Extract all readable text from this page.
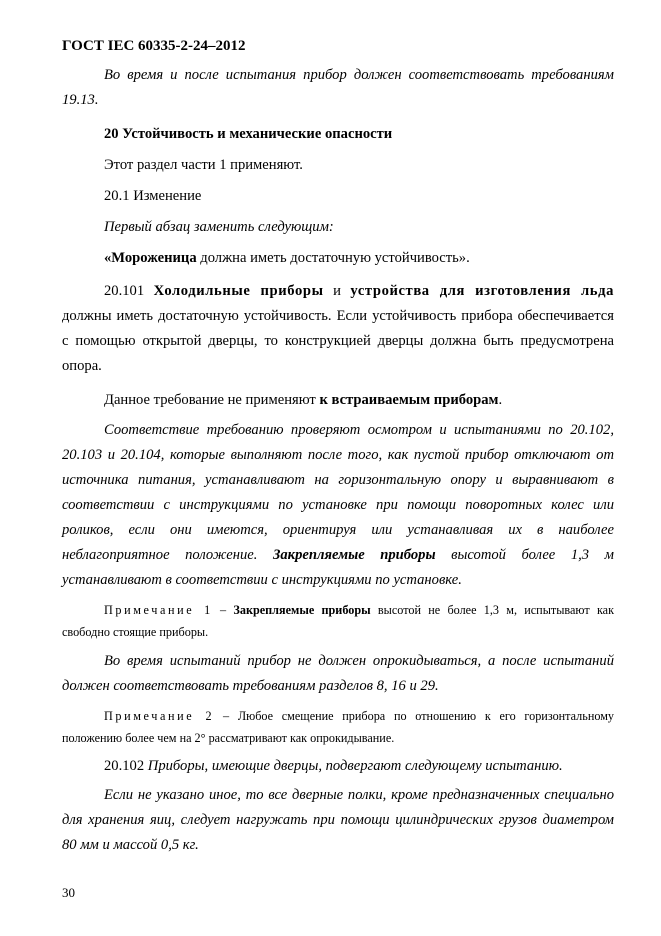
ГОСТ IEC 60335-2-24–2012

Во время и после испытания прибор должен соответствовать требованиям 19.13.

20 Устойчивость и механические опасности

Этот раздел части 1 применяют.

20.1 Изменение

Первый абзац заменить следующим:

«Мороженица должна иметь достаточную устойчивость».

20.101 Холодильные приборы и устройства для изготовления льда должны иметь достаточную устойчивость. Если устойчивость прибора обеспечивается с помощью открытой дверцы, то конструкцией дверцы должна быть предусмотрена опора.

Данное требование не применяют к встраиваемым приборам.

Соответствие требованию проверяют осмотром и испытаниями по 20.102, 20.103 и 20.104, которые выполняют после того, как пустой прибор отключают от источника питания, устанавливают на горизонтальную опору и выравнивают в соответствии с инструкциями по установке при помощи поворотных колес или роликов, если они имеются, ориентируя или устанавливая их в наиболее неблагоприятное положение. Закрепляемые приборы высотой более 1,3 м устанавливают в соответствии с инструкциями по установке.

Примечание 1 – Закрепляемые приборы высотой не более 1,3 м, испытывают как свободно стоящие приборы.

Во время испытаний прибор не должен опрокидываться, а после испытаний должен соответствовать требованиям разделов 8, 16 и 29.

Примечание 2 – Любое смещение прибора по отношению к его горизонтальному положению более чем на 2° рассматривают как опрокидывание.

20.102 Приборы, имеющие дверцы, подвергают следующему испытанию.

Если не указано иное, то все дверные полки, кроме предназначенных специально для хранения яиц, следует нагружать при помощи цилиндрических грузов диаметром 80 мм и массой 0,5 кг.

30
